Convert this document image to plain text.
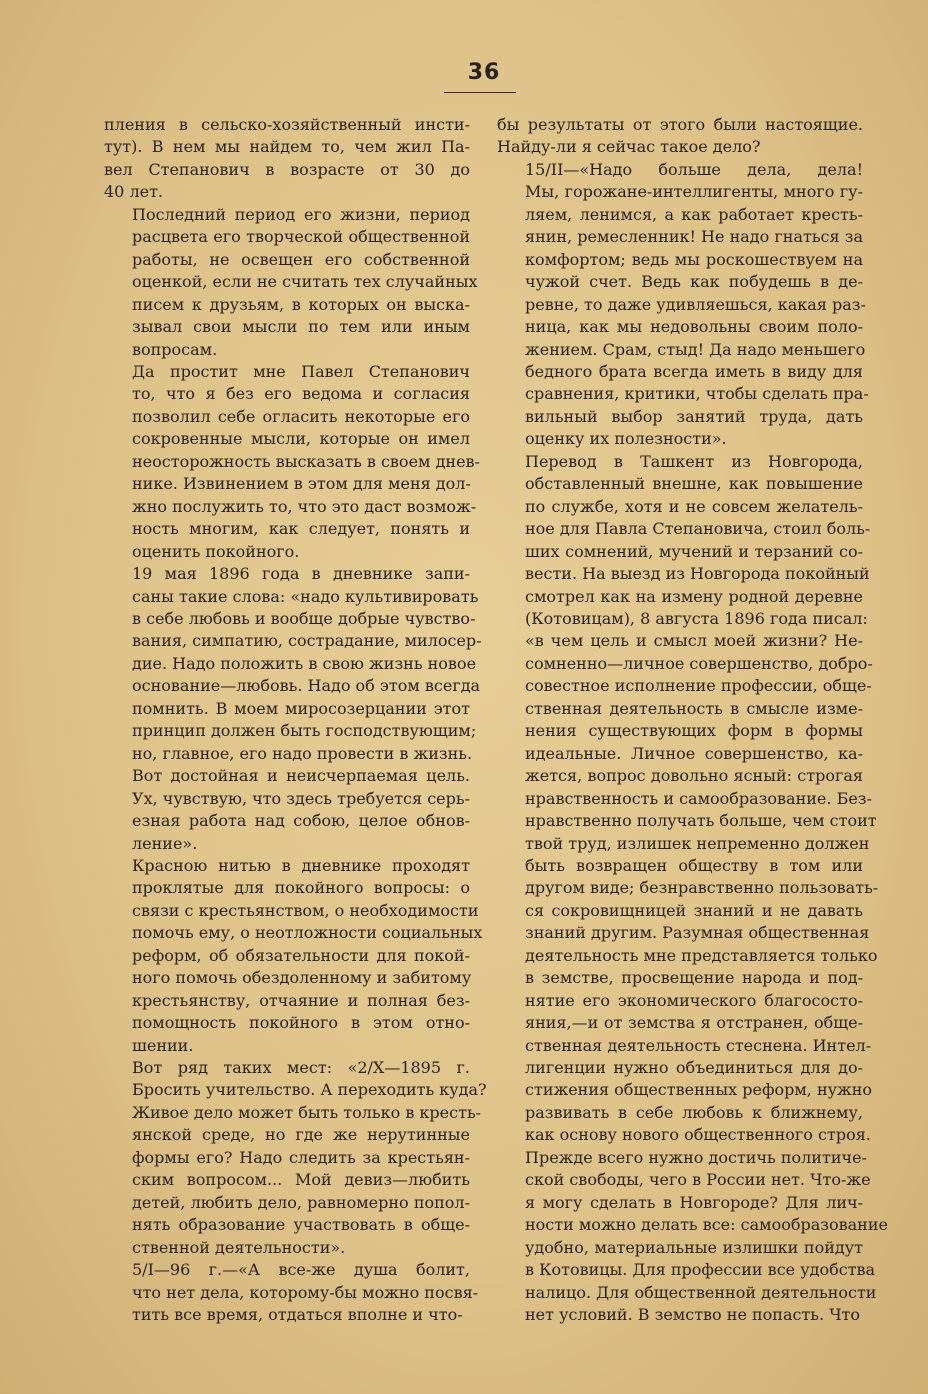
36

пления в сельско-хозяйственный инсти-
тут). В нем мы найдем то, чем жил Па-
вел Степанович в возрасте от 30 до
40 лет.

Последний период его жизни, период
расцвета его творческой общественной
работы, не освещен его собственной
оценкой, если не считать тех случайных
писем к друзьям, в которых он выска-
зывал свои мысли по тем или иным
вопросам.

Да простит мне Павел Степанович
то, что я без его ведома и согласия
позволил себе огласить некоторые его
сокровенные мысли, которые он имел
неосторожность высказать в своем днев-
нике. Извинением в этом для меня дол-
жно послужить то, что это даст возмож-
ность многим, как следует, понять и
оценить покойного.

19 мая 1896 года в дневнике запи-
саны такие слова: «надо культивировать
в себе любовь и вообще добрые чувство-
вания, симпатию, сострадание, милосер-
дие. Надо положить в свою жизнь новое
основание—любовь. Надо об этом всегда
помнить. В моем миросозерцании этот
принцип должен быть господствующим;
но, главное, его надо провести в жизнь.
Вот достойная и неисчерпаемая цель.
Ух, чувствую, что здесь требуется серь-
езная работа над собою, целое обнов-
ление».

Красною нитью в дневнике проходят
проклятые для покойного вопросы: о
связи с крестьянством, о необходимости
помочь ему, о неотложности социальных
реформ, об обязательности для покой-
ного помочь обездоленному и забитому
крестьянству, отчаяние и полная без-
помощность покойного в этом отно-
шении.

Вот ряд таких мест: «2/X—1895 г.
Бросить учительство. А переходить куда?
Живое дело может быть только в кресть-
янской среде, но где же нерутинные
формы его? Надо следить за крестьян-
ским вопросом... Мой девиз—любить
детей, любить дело, равномерно попол-
нять образование участвовать в обще-
ственной деятельности».

5/I—96 г.—«А все-же душа болит,
что нет дела, которому-бы можно посвя-
тить все время, отдаться вполне и что-

бы результаты от этого были настоящие.
Найду-ли я сейчас такое дело?

15/II—«Надо больше дела, дела!
Мы, горожане-интеллигенты, много гу-
ляем, ленимся, а как работает кресть-
янин, ремесленник! Не надо гнаться за
комфортом; ведь мы роскошествуем на
чужой счет. Ведь как побудешь в де-
ревне, то даже удивляешься, какая раз-
ница, как мы недовольны своим поло-
жением. Срам, стыд! Да надо меньшего
бедного брата всегда иметь в виду для
сравнения, критики, чтобы сделать пра-
вильный выбор занятий труда, дать
оценку их полезности».

Перевод в Ташкент из Новгорода,
обставленный внешне, как повышение
по службе, хотя и не совсем желатель-
ное для Павла Степановича, стоил боль-
ших сомнений, мучений и терзаний со-
вести. На выезд из Новгорода покойный
смотрел как на измену родной деревне
(Котовицам), 8 августа 1896 года писал:
«в чем цель и смысл моей жизни? Не-
сомненно—личное совершенство, добро-
совестное исполнение профессии, обще-
ственная деятельность в смысле изме-
нения существующих форм в формы
идеальные. Личное совершенство, ка-
жется, вопрос довольно ясный: строгая
нравственность и самообразование. Без-
нравственно получать больше, чем стоит
твой труд, излишек непременно должен
быть возвращен обществу в том или
другом виде; безнравственно пользовать-
ся сокровищницей знаний и не давать
знаний другим. Разумная общественная
деятельность мне представляется только
в земстве, просвещение народа и под-
нятие его экономического благососто-
яния,—и от земства я отстранен, обще-
ственная деятельность стеснена. Интел-
лигенции нужно объединиться для до-
стижения общественных реформ, нужно
развивать в себе любовь к ближнему,
как основу нового общественного строя.
Прежде всего нужно достичь политиче-
ской свободы, чего в России нет. Что-же
я могу сделать в Новгороде? Для лич-
ности можно делать все: самообразование
удобно, материальные излишки пойдут
в Котовицы. Для профессии все удобства
налицо. Для общественной деятельности
нет условий. В земство не попасть. Что
